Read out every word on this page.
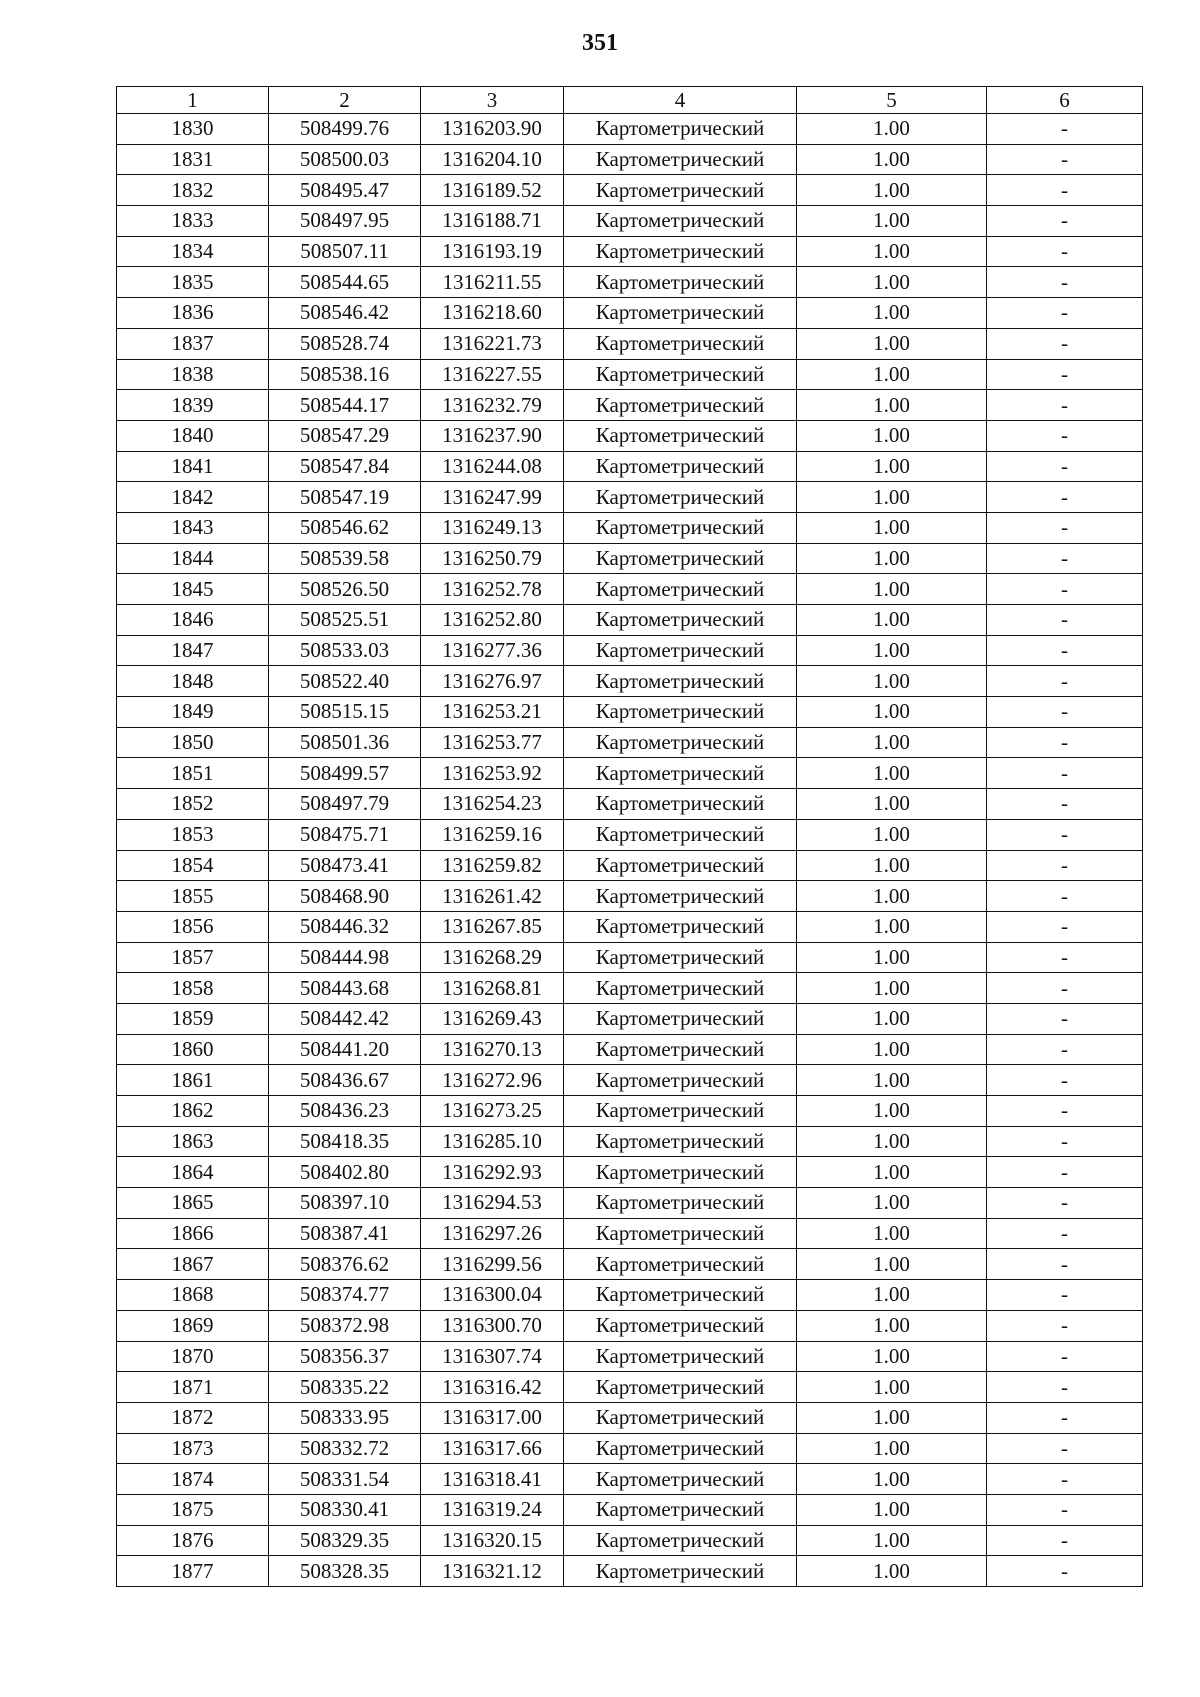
351
1	2	3	4	5	6
1830	508499.76	1316203.90	Картометрический	1.00	-
1831	508500.03	1316204.10	Картометрический	1.00	-
1832	508495.47	1316189.52	Картометрический	1.00	-
1833	508497.95	1316188.71	Картометрический	1.00	-
1834	508507.11	1316193.19	Картометрический	1.00	-
1835	508544.65	1316211.55	Картометрический	1.00	-
1836	508546.42	1316218.60	Картометрический	1.00	-
1837	508528.74	1316221.73	Картометрический	1.00	-
1838	508538.16	1316227.55	Картометрический	1.00	-
1839	508544.17	1316232.79	Картометрический	1.00	-
1840	508547.29	1316237.90	Картометрический	1.00	-
1841	508547.84	1316244.08	Картометрический	1.00	-
1842	508547.19	1316247.99	Картометрический	1.00	-
1843	508546.62	1316249.13	Картометрический	1.00	-
1844	508539.58	1316250.79	Картометрический	1.00	-
1845	508526.50	1316252.78	Картометрический	1.00	-
1846	508525.51	1316252.80	Картометрический	1.00	-
1847	508533.03	1316277.36	Картометрический	1.00	-
1848	508522.40	1316276.97	Картометрический	1.00	-
1849	508515.15	1316253.21	Картометрический	1.00	-
1850	508501.36	1316253.77	Картометрический	1.00	-
1851	508499.57	1316253.92	Картометрический	1.00	-
1852	508497.79	1316254.23	Картометрический	1.00	-
1853	508475.71	1316259.16	Картометрический	1.00	-
1854	508473.41	1316259.82	Картометрический	1.00	-
1855	508468.90	1316261.42	Картометрический	1.00	-
1856	508446.32	1316267.85	Картометрический	1.00	-
1857	508444.98	1316268.29	Картометрический	1.00	-
1858	508443.68	1316268.81	Картометрический	1.00	-
1859	508442.42	1316269.43	Картометрический	1.00	-
1860	508441.20	1316270.13	Картометрический	1.00	-
1861	508436.67	1316272.96	Картометрический	1.00	-
1862	508436.23	1316273.25	Картометрический	1.00	-
1863	508418.35	1316285.10	Картометрический	1.00	-
1864	508402.80	1316292.93	Картометрический	1.00	-
1865	508397.10	1316294.53	Картометрический	1.00	-
1866	508387.41	1316297.26	Картометрический	1.00	-
1867	508376.62	1316299.56	Картометрический	1.00	-
1868	508374.77	1316300.04	Картометрический	1.00	-
1869	508372.98	1316300.70	Картометрический	1.00	-
1870	508356.37	1316307.74	Картометрический	1.00	-
1871	508335.22	1316316.42	Картометрический	1.00	-
1872	508333.95	1316317.00	Картометрический	1.00	-
1873	508332.72	1316317.66	Картометрический	1.00	-
1874	508331.54	1316318.41	Картометрический	1.00	-
1875	508330.41	1316319.24	Картометрический	1.00	-
1876	508329.35	1316320.15	Картометрический	1.00	-
1877	508328.35	1316321.12	Картометрический	1.00	-
